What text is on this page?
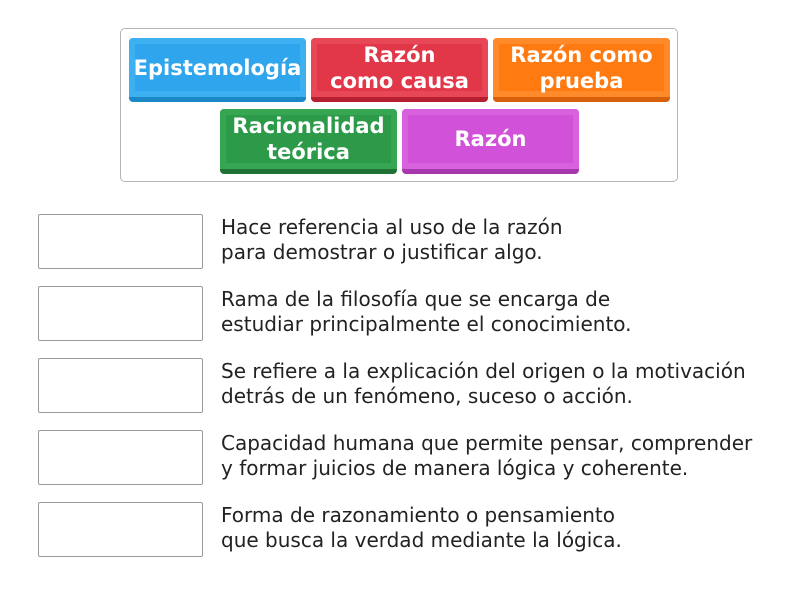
Epistemología
Razón
como causa
Razón como
prueba
Racionalidad
teórica
Razón
Hace referencia al uso de la razón
para demostrar o justificar algo.
Rama de la filosofía que se encarga de
estudiar principalmente el conocimiento.
Se refiere a la explicación del origen o la motivación
detrás de un fenómeno, suceso o acción.
Capacidad humana que permite pensar, comprender
y formar juicios de manera lógica y coherente.
Forma de razonamiento o pensamiento
que busca la verdad mediante la lógica.
